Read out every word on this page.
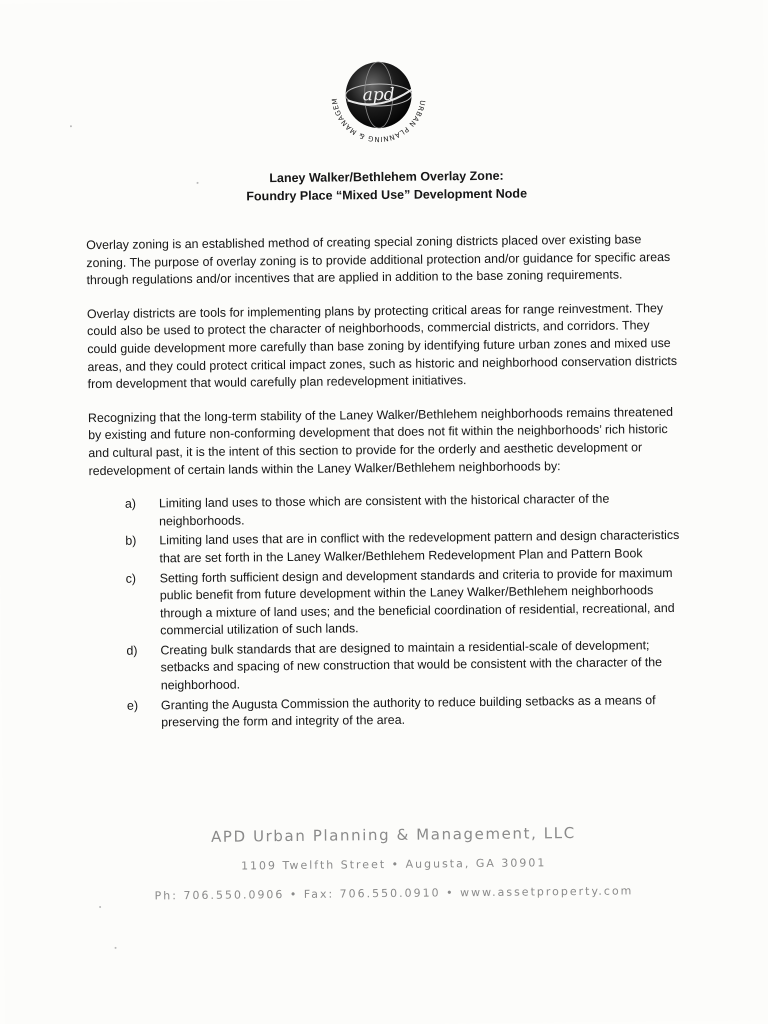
apd	URBAN PLANNING & MANAGEMENT,
Laney Walker/Bethlehem Overlay Zone:
Foundry Place “Mixed Use” Development Node

Overlay zoning is an established method of creating special zoning districts placed over existing base zoning. The purpose of overlay zoning is to provide additional protection and/or guidance for specific areas through regulations and/or incentives that are applied in addition to the base zoning requirements.

Overlay districts are tools for implementing plans by protecting critical areas for range reinvestment. They could also be used to protect the character of neighborhoods, commercial districts, and corridors. They could guide development more carefully than base zoning by identifying future urban zones and mixed use areas, and they could protect critical impact zones, such as historic and neighborhood conservation districts from development that would carefully plan redevelopment initiatives.

Recognizing that the long-term stability of the Laney Walker/Bethlehem neighborhoods remains threatened by existing and future non-conforming development that does not fit within the neighborhoods’ rich historic and cultural past, it is the intent of this section to provide for the orderly and aesthetic development or redevelopment of certain lands within the Laney Walker/Bethlehem neighborhoods by:

a)	Limiting land uses to those which are consistent with the historical character of the neighborhoods.
b)	Limiting land uses that are in conflict with the redevelopment pattern and design characteristics that are set forth in the Laney Walker/Bethlehem Redevelopment Plan and Pattern Book
c)	Setting forth sufficient design and development standards and criteria to provide for maximum public benefit from future development within the Laney Walker/Bethlehem neighborhoods through a mixture of land uses; and the beneficial coordination of residential, recreational, and commercial utilization of such lands.
d)	Creating bulk standards that are designed to maintain a residential-scale of development; setbacks and spacing of new construction that would be consistent with the character of the neighborhood.
e)	Granting the Augusta Commission the authority to reduce building setbacks as a means of preserving the form and integrity of the area.
APD Urban Planning & Management, LLC
1109 Twelfth Street • Augusta, GA 30901
Ph: 706.550.0906 • Fax: 706.550.0910 • www.assetproperty.com
